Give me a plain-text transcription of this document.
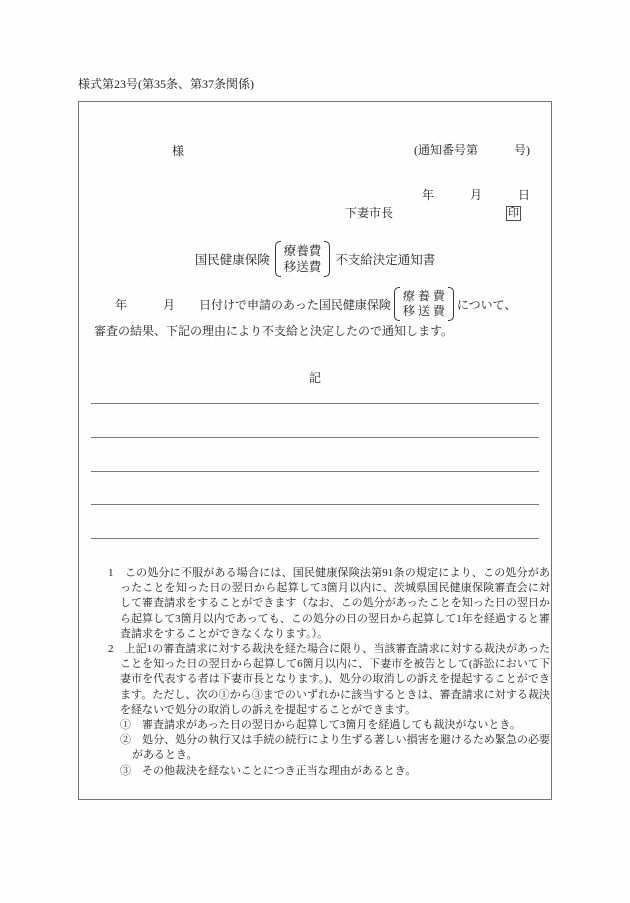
様式第23号(第35条、第37条関係)

(通知番号第　　　号)

年　　　月　　　日

様
下妻市長	印
国民健康保険
療養費
移送費 不支給決定通知書
年　　　月　　日付けで申請のあった国民健康保険
療 養 費
移 送 費 について、
審査の結果、下記の理由により不支給と決定したので通知します。
記

1　この処分に不服がある場合には、国民健康保険法第91条の規定により、この処分があったことを知った日の翌日から起算して3箇月以内に、茨城県国民健康保険審査会に対して審査請求をすることができます（なお、この処分があったことを知った日の翌日から起算して3箇月以内であっても、この処分の日の翌日から起算して1年を経過すると審査請求をすることができなくなります。）。

2　上記1の審査請求に対する裁決を経た場合に限り、当該審査請求に対する裁決があったことを知った日の翌日から起算して6箇月以内に、下妻市を被告として(訴訟において下妻市を代表する者は下妻市長となります。)、処分の取消しの訴えを提起することができます。ただし、次の①から③までのいずれかに該当するときは、審査請求に対する裁決を経ないで処分の取消しの訴えを提起することができます。

①　審査請求があった日の翌日から起算して3箇月を経過しても裁決がないとき。

②　処分、処分の執行又は手続の続行により生ずる著しい損害を避けるため緊急の必要があるとき。

③　その他裁決を経ないことにつき正当な理由があるとき。
